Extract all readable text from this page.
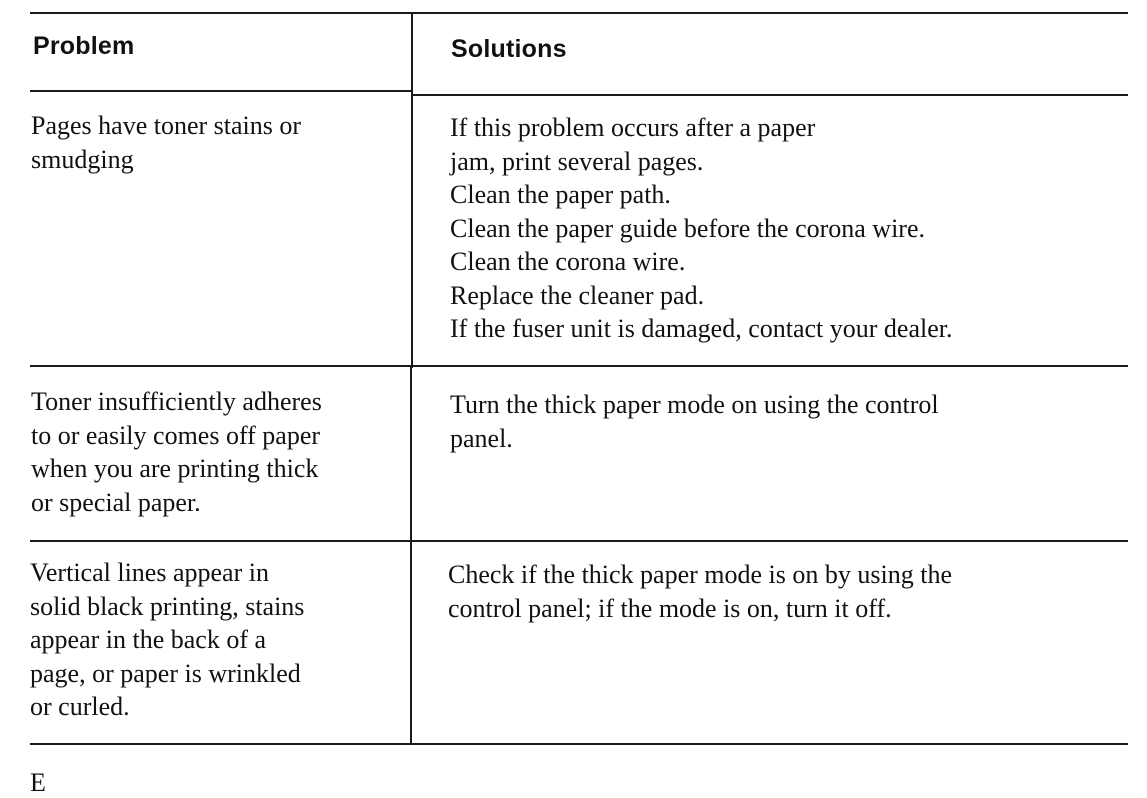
Problem	Solutions
Pages have toner stains or
smudging
If this problem occurs after a paper
jam, print several pages.
Clean the paper path.
Clean the paper guide before the corona wire.
Clean the corona wire.
Replace the cleaner pad.
If the fuser unit is damaged, contact your dealer.
Toner insufficiently adheres
to or easily comes off paper
when you are printing thick
or special paper.
Turn the thick paper mode on using the control
panel.
Vertical lines appear in
solid black printing, stains
appear in the back of a
page, or paper is wrinkled
or curled.
Check if the thick paper mode is on by using the
control panel; if the mode is on, turn it off.
E
